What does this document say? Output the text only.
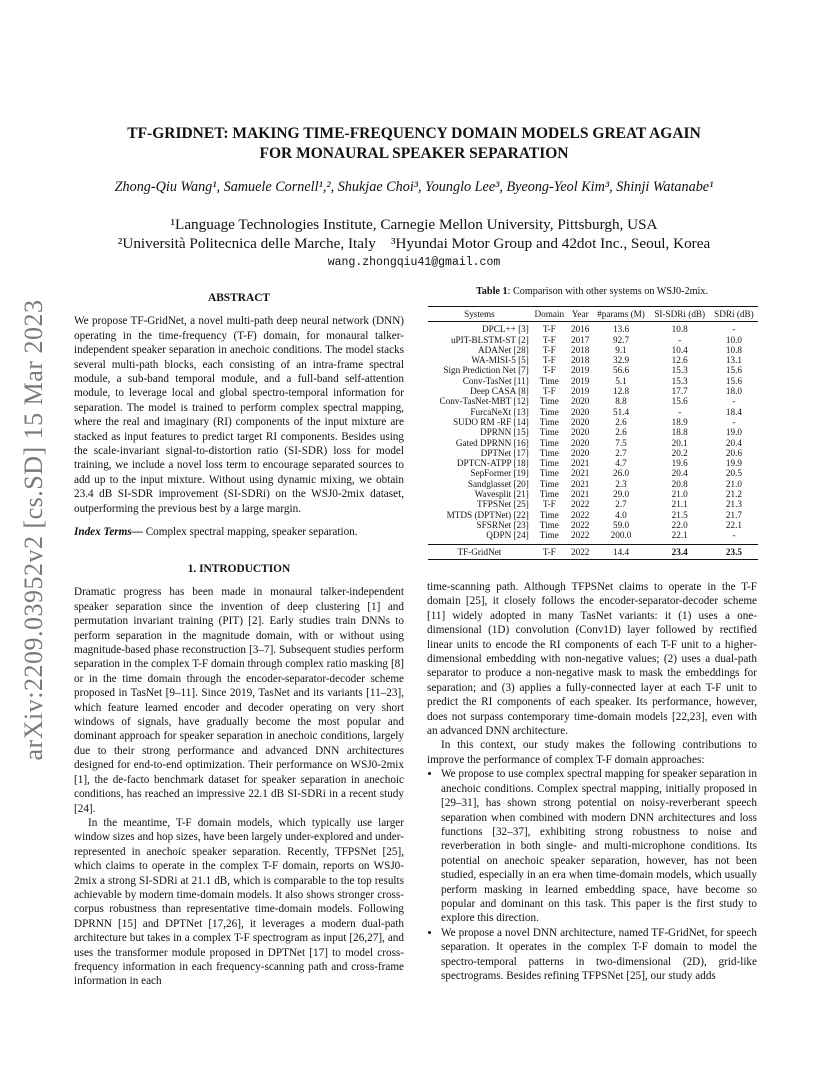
arXiv:2209.03952v2 [cs.SD] 15 Mar 2023
TF-GRIDNET: MAKING TIME-FREQUENCY DOMAIN MODELS GREAT AGAIN
FOR MONAURAL SPEAKER SEPARATION
Zhong-Qiu Wang¹, Samuele Cornell¹,², Shukjae Choi³, Younglo Lee³, Byeong-Yeol Kim³, Shinji Watanabe¹
¹Language Technologies Institute, Carnegie Mellon University, Pittsburgh, USA
²Università Politecnica delle Marche, Italy    ³Hyundai Motor Group and 42dot Inc., Seoul, Korea
wang.zhongqiu41@gmail.com
ABSTRACT

We propose TF-GridNet, a novel multi-path deep neural network (DNN) operating in the time-frequency (T-F) domain, for monaural talker-independent speaker separation in anechoic conditions. The model stacks several multi-path blocks, each consisting of an intra-frame spectral module, a sub-band temporal module, and a full-band self-attention module, to leverage local and global spectro-temporal information for separation. The model is trained to perform complex spectral mapping, where the real and imaginary (RI) components of the input mixture are stacked as input features to predict target RI components. Besides using the scale-invariant signal-to-distortion ratio (SI-SDR) loss for model training, we include a novel loss term to encourage separated sources to add up to the input mixture. Without using dynamic mixing, we obtain 23.4 dB SI-SDR improvement (SI-SDRi) on the WSJ0-2mix dataset, outperforming the previous best by a large margin.

Index Terms— Complex spectral mapping, speaker separation.

1. INTRODUCTION

Dramatic progress has been made in monaural talker-independent speaker separation since the invention of deep clustering [1] and permutation invariant training (PIT) [2]. Early studies train DNNs to perform separation in the magnitude domain, with or without using magnitude-based phase reconstruction [3–7]. Subsequent studies perform separation in the complex T-F domain through complex ratio masking [8] or in the time domain through the encoder-separator-decoder scheme proposed in TasNet [9–11]. Since 2019, TasNet and its variants [11–23], which feature learned encoder and decoder operating on very short windows of signals, have gradually become the most popular and dominant approach for speaker separation in anechoic conditions, largely due to their strong performance and advanced DNN architectures designed for end-to-end optimization. Their performance on WSJ0-2mix [1], the de-facto benchmark dataset for speaker separation in anechoic conditions, has reached an impressive 22.1 dB SI-SDRi in a recent study [24].

In the meantime, T-F domain models, which typically use larger window sizes and hop sizes, have been largely under-explored and under-represented in anechoic speaker separation. Recently, TFPSNet [25], which claims to operate in the complex T-F domain, reports on WSJ0-2mix a strong SI-SDRi at 21.1 dB, which is comparable to the top results achievable by modern time-domain models. It also shows stronger cross-corpus robustness than representative time-domain models. Following DPRNN [15] and DPTNet [17,26], it leverages a modern dual-path architecture but takes in a complex T-F spectrogram as input [26,27], and uses the transformer module proposed in DPTNet [17] to model cross-frequency information in each frequency-scanning path and cross-frame information in each

Table 1: Comparison with other systems on WSJ0-2mix.
Systems	Domain	Year	#params (M)	SI-SDRi (dB)	SDRi (dB)
DPCL++ [3]	T-F	2016	13.6	10.8	-
uPIT-BLSTM-ST [2]	T-F	2017	92.7	-	10.0
ADANet [28]	T-F	2018	9.1	10.4	10.8
WA-MISI-5 [5]	T-F	2018	32.9	12.6	13.1
Sign Prediction Net [7]	T-F	2019	56.6	15.3	15.6
Conv-TasNet [11]	Time	2019	5.1	15.3	15.6
Deep CASA [8]	T-F	2019	12.8	17.7	18.0
Conv-TasNet-MBT [12]	Time	2020	8.8	15.6	-
FurcaNeXt [13]	Time	2020	51.4	-	18.4
SUDO RM -RF [14]	Time	2020	2.6	18.9	-
DPRNN [15]	Time	2020	2.6	18.8	19.0
Gated DPRNN [16]	Time	2020	7.5	20.1	20.4
DPTNet [17]	Time	2020	2.7	20.2	20.6
DPTCN-ATPP [18]	Time	2021	4.7	19.6	19.9
SepFormer [19]	Time	2021	26.0	20.4	20.5
Sandglasset [20]	Time	2021	2.3	20.8	21.0
Wavesplit [21]	Time	2021	29.0	21.0	21.2
TFPSNet [25]	T-F	2022	2.7	21.1	21.3
MTDS (DPTNet) [22]	Time	2022	4.0	21.5	21.7
SFSRNet [23]	Time	2022	59.0	22.0	22.1
QDPN [24]	Time	2022	200.0	22.1	-
TF-GridNet	T-F	2022	14.4	23.4	23.5

time-scanning path. Although TFPSNet claims to operate in the T-F domain [25], it closely follows the encoder-separator-decoder scheme [11] widely adopted in many TasNet variants: it (1) uses a one-dimensional (1D) convolution (Conv1D) layer followed by rectified linear units to encode the RI components of each T-F unit to a higher-dimensional embedding with non-negative values; (2) uses a dual-path separator to produce a non-negative mask to mask the embeddings for separation; and (3) applies a fully-connected layer at each T-F unit to predict the RI components of each speaker. Its performance, however, does not surpass contemporary time-domain models [22,23], even with an advanced DNN architecture.

In this context, our study makes the following contributions to improve the performance of complex T-F domain approaches:

• We propose to use complex spectral mapping for speaker separation in anechoic conditions. Complex spectral mapping, initially proposed in [29–31], has shown strong potential on noisy-reverberant speech separation when combined with modern DNN architectures and loss functions [32–37], exhibiting strong robustness to noise and reverberation in both single- and multi-microphone conditions. Its potential on anechoic speaker separation, however, has not been studied, especially in an era when time-domain models, which usually perform masking in learned embedding space, have become so popular and dominant on this task. This paper is the first study to explore this direction.
• We propose a novel DNN architecture, named TF-GridNet, for speech separation. It operates in the complex T-F domain to model the spectro-temporal patterns in two-dimensional (2D), grid-like spectrograms. Besides refining TFPSNet [25], our study adds
